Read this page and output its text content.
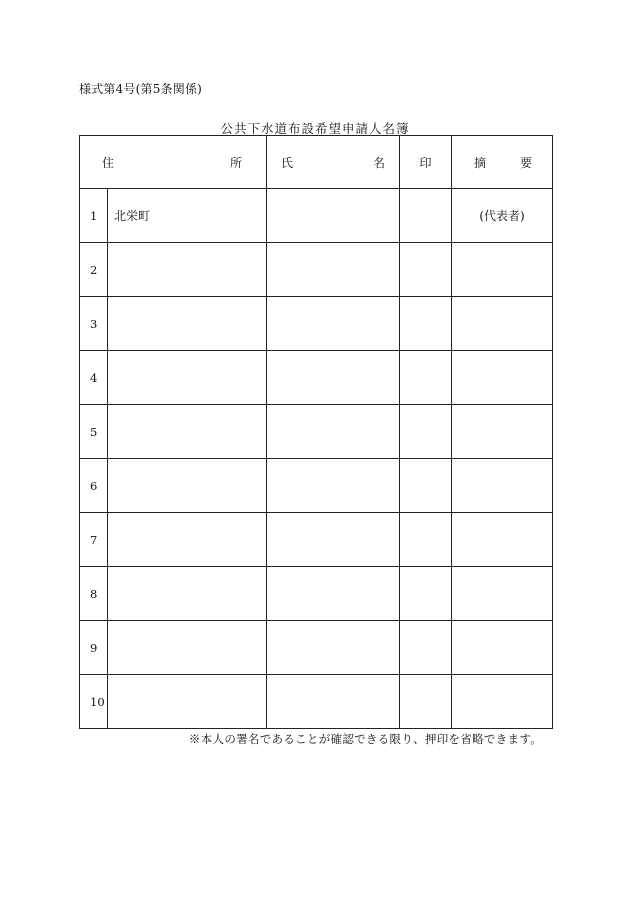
様式第4号(第5条関係)
公共下水道布設希望申請人名簿
住 所		氏 名	印	摘 要

1	北栄町			(代表者)
2				
3				
4				
5				
6				
7				
8				
9				
10				
※本人の署名であることが確認できる限り、押印を省略できます。
